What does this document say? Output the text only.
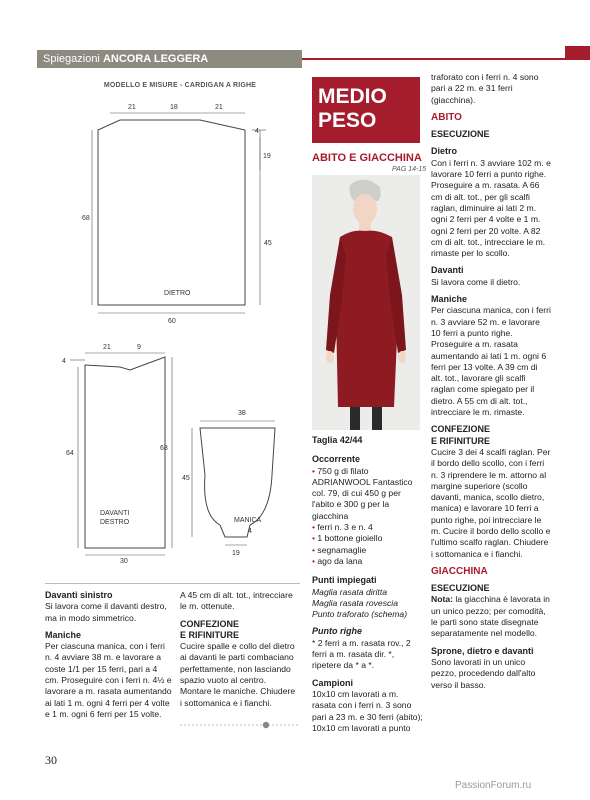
Spiegazioni ANCORA LEGGERA
MODELLO E MISURE - CARDIGAN A RIGHE
21	18	21
4
19
68
45
DIETRO
60
21	9
4
64
68
DAVANTI
DESTRO
30
38
45
MANICA
4
19

Davanti sinistro

Si lavora come il davanti destro, ma in modo simmetrico.

Maniche

Per ciascuna manica, con i ferri n. 4 avviare 38 m. e lavorare a coste 1/1 per 15 ferri, pari a 4 cm. Proseguire con i ferri n. 4½ e lavorare a m. rasata aumentando ai lati 1 m. ogni 4 ferri per 4 volte e 1 m. ogni 6 ferri per 15 volte.

A 45 cm di alt. tot., intrecciare le m. ottenute.

CONFEZIONE

E RIFINITURE

Cucire spalle e collo del dietro ai davanti le parti combaciano perfettamente, non lasciando spazio vuoto al centro. Montare le maniche. Chiudere i sottomanica e i fianchi.

MEDIO
PESO
ABITO E GIACCHINA
PAG 14-15

Taglia 42/44

Occorrente

• 750 g di filato ADRIANWOOL Fantastico col. 79, di cui 450 g per l'abito e 300 g per la giacchina

• ferri n. 3 e n. 4

• 1 bottone gioiello

• segnamaglie

• ago da lana

Punti impiegati

Maglia rasata diritta

Maglia rasata rovescia

Punto traforato (schema)

Punto righe

* 2 ferri a m. rasata rov., 2 ferri a m. rasata dir. *, ripetere da * a *.

Campioni

10x10 cm lavorati a m. rasata con i ferri n. 3 sono pari a 23 m. e 30 ferri (abito); 10x10 cm lavorati a punto

traforato con i ferri n. 4 sono pari a 22 m. e 31 ferri (giacchina).

ABITO

ESECUZIONE

Dietro

Con i ferri n. 3 avviare 102 m. e lavorare 10 ferri a punto righe. Proseguire a m. rasata. A 66 cm di alt. tot., per gli scalfi raglan, diminuire ai lati 2 m. ogni 2 ferri per 4 volte e 1 m. ogni 2 ferri per 20 volte. A 82 cm di alt. tot., intrecciare le m. rimaste per lo scollo.

Davanti

Si lavora come il dietro.

Maniche

Per ciascuna manica, con i ferri n. 3 avviare 52 m. e lavorare 10 ferri a punto righe. Proseguire a m. rasata aumentando ai lati 1 m. ogni 6 ferri per 13 volte. A 39 cm di alt. tot., lavorare gli scalfi raglan come spiegato per il dietro. A 55 cm di alt. tot., intrecciare le m. rimaste.

CONFEZIONE

E RIFINITURE

Cucire 3 dei 4 scalfi raglan. Per il bordo dello scollo, con i ferri n. 3 riprendere le m. attorno al margine superiore (scollo davanti, manica, scollo dietro, manica) e lavorare 10 ferri a punto righe, poi intrecciare le m. Cucire il bordo dello scollo e l'ultimo scalfo raglan. Chiudere i sottomanica e i fianchi.

GIACCHINA

ESECUZIONE

Nota: la giacchina è lavorata in un unico pezzo; per comodità, le parti sono state disegnate separatamente nel modello.

Sprone, dietro e davanti

Sono lavorati in un unico pezzo, procedendo dall'alto verso il basso.

30
PassionForum.ru
